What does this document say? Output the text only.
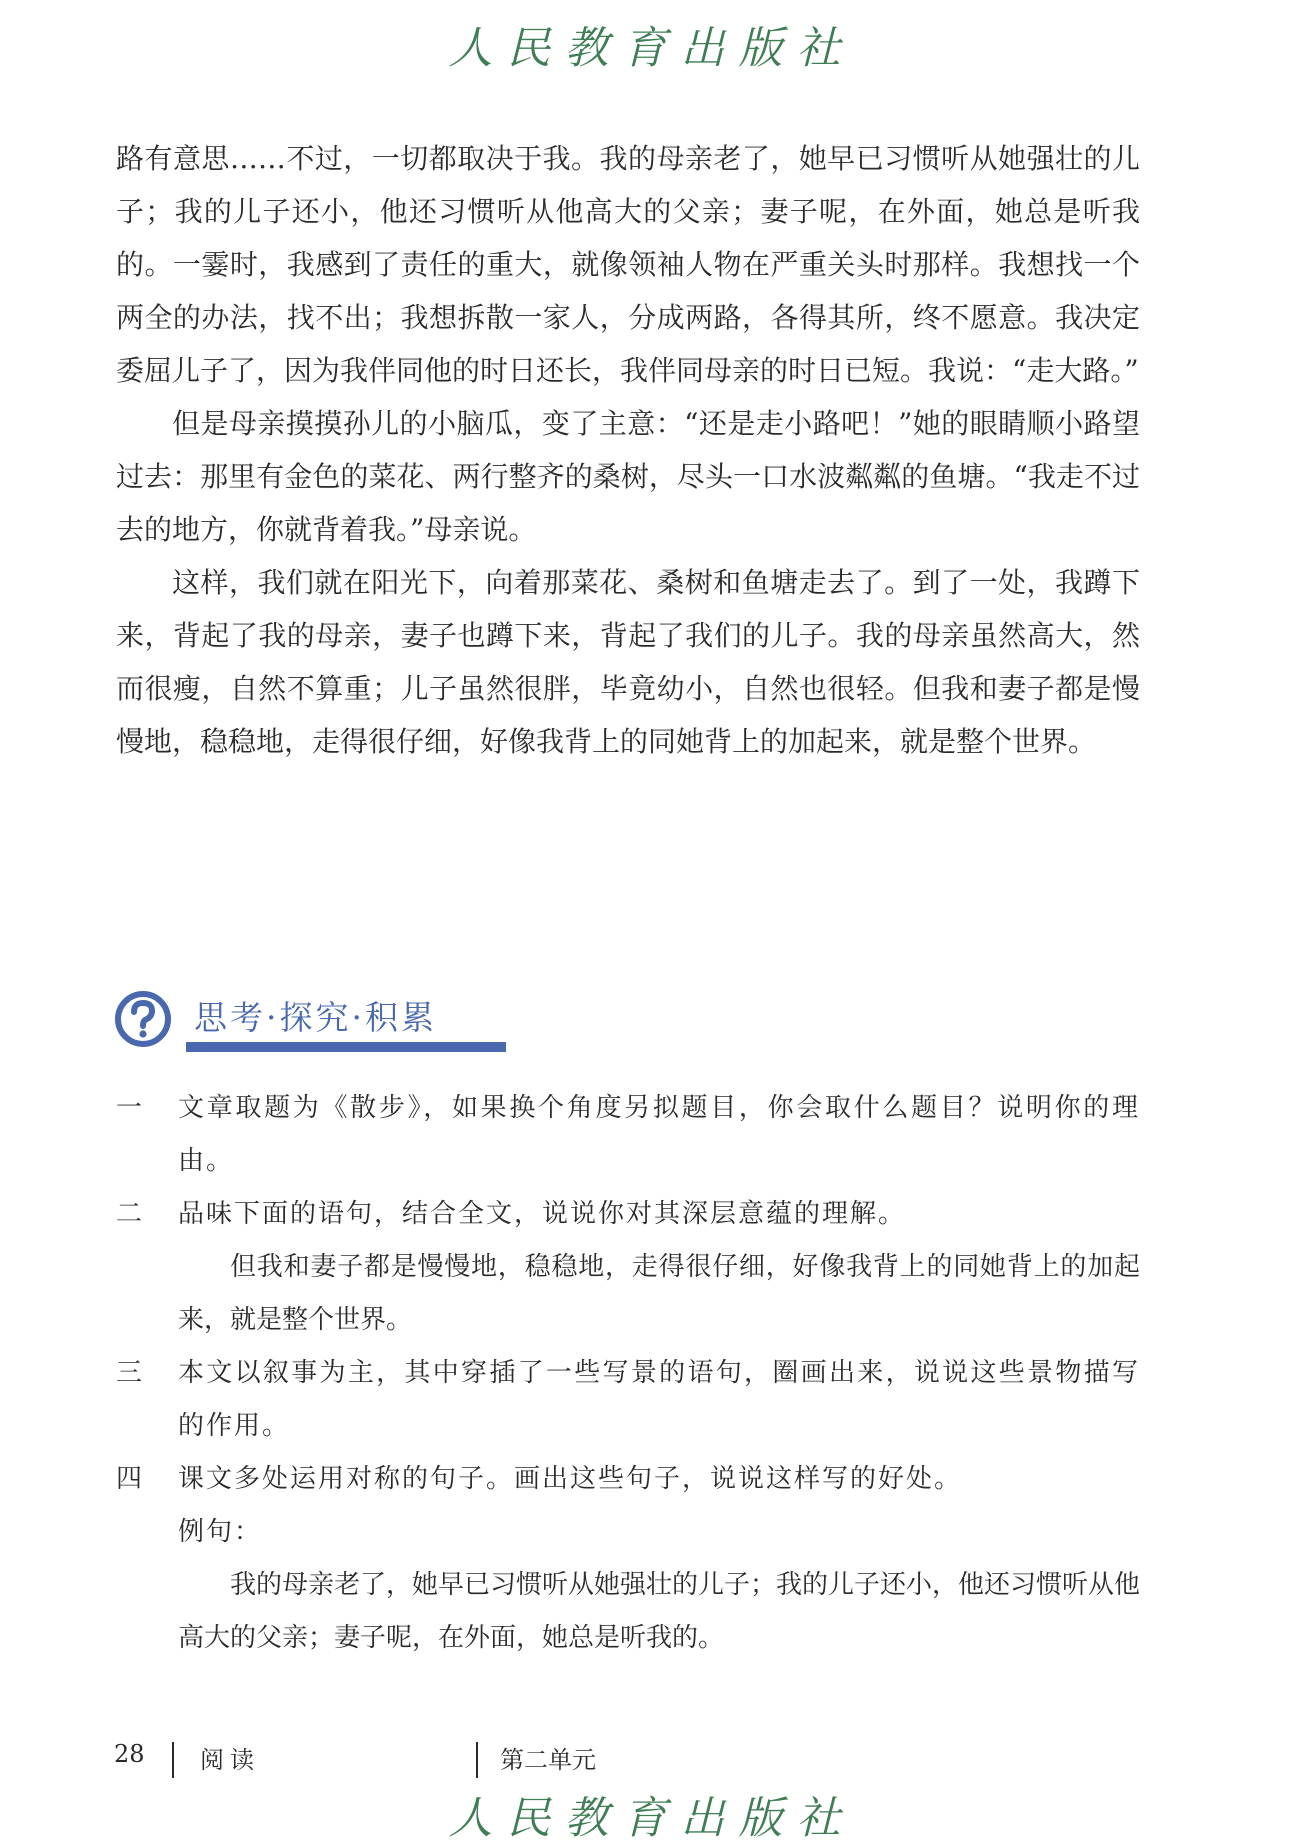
人民教育出版社

路有意思……不过，一切都取决于我。我的母亲老了，她早已习惯听从她强壮的儿子；我的儿子还小，他还习惯听从他高大的父亲；妻子呢，在外面，她总是听我的。一霎时，我感到了责任的重大，就像领袖人物在严重关头时那样。我想找一个两全的办法，找不出；我想拆散一家人，分成两路，各得其所，终不愿意。我决定委屈儿子了，因为我伴同他的时日还长，我伴同母亲的时日已短。我说：“走大路。”

但是母亲摸摸孙儿的小脑瓜，变了主意：“还是走小路吧！”她的眼睛顺小路望过去：那里有金色的菜花、两行整齐的桑树，尽头一口水波粼粼的鱼塘。“我走不过去的地方，你就背着我。”母亲说。

这样，我们就在阳光下，向着那菜花、桑树和鱼塘走去了。到了一处，我蹲下来，背起了我的母亲，妻子也蹲下来，背起了我们的儿子。我的母亲虽然高大，然而很瘦，自然不算重；儿子虽然很胖，毕竟幼小，自然也很轻。但我和妻子都是慢慢地，稳稳地，走得很仔细，好像我背上的同她背上的加起来，就是整个世界。

思考·探究·积累
一	文章取题为《散步》，如果换个角度另拟题目，你会取什么题目？说明你的理由。
二	品味下面的语句，结合全文，说说你对其深层意蕴的理解。
但我和妻子都是慢慢地，稳稳地，走得很仔细，好像我背上的同她背上的加起来，就是整个世界。
三	本文以叙事为主，其中穿插了一些写景的语句，圈画出来，说说这些景物描写的作用。
四	课文多处运用对称的句子。画出这些句子，说说这样写的好处。
例句：
我的母亲老了，她早已习惯听从她强壮的儿子；我的儿子还小，他还习惯听从他高大的父亲；妻子呢，在外面，她总是听我的。
28 阅读	第二单元
人民教育出版社
